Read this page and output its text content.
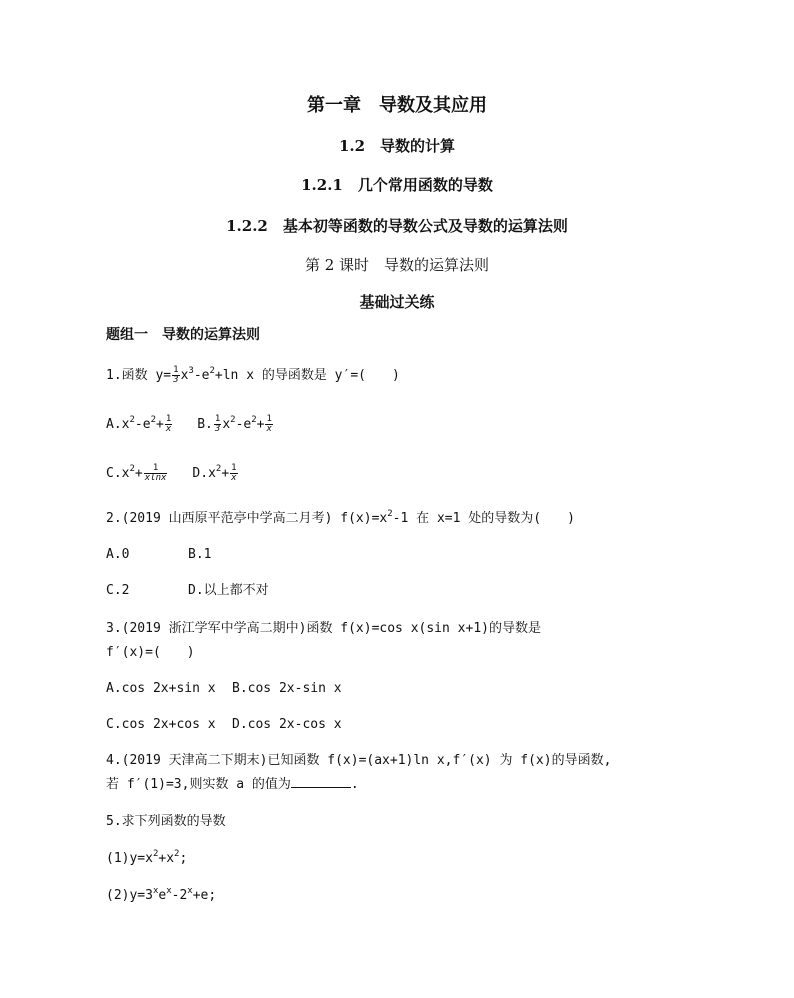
第一章　导数及其应用
1.2　导数的计算
1.2.1　几个常用函数的导数
1.2.2　基本初等函数的导数公式及导数的运算法则
第 2 课时　导数的运算法则
基础过关练
题组一　导数的运算法则
1.函数 $y= \frac{1}{3} x^3-e^2+\ln$ x 的导函数是 y′=(　　)
$A.x^2-e^2+ \frac{1}{x} B$. $\frac{1}{3} x^2-e^2+ \frac{1}{x}$
$C.x^2+ \frac{1}{xlnx} D.x^2+ \frac{1}{x}$
2.(2019 山西原平范亭中学高二月考) $f(x)=x^2-1$ 在 x=1 处的导数为(　　)
A.0	B.1
C.2	D.以上都不对
3.(2019 浙江学军中学高二期中)函数 f(x)=cos x(sin x+1)的导数是
f′(x)=(　　)
A.cos 2x+sin x B.cos 2x-sin x
C.cos 2x+cos x D.cos 2x-cos x
4.(2019 天津高二下期末)已知函数 f(x)=(ax+1)ln x,f′(x) 为 f(x)的导函数,
若 f′(1)=3,则实数 a 的值为	.
5.求下列函数的导数
$(1)y=x^2+x^2$;
$(2)y=3^xe^x-2^x+e$;
